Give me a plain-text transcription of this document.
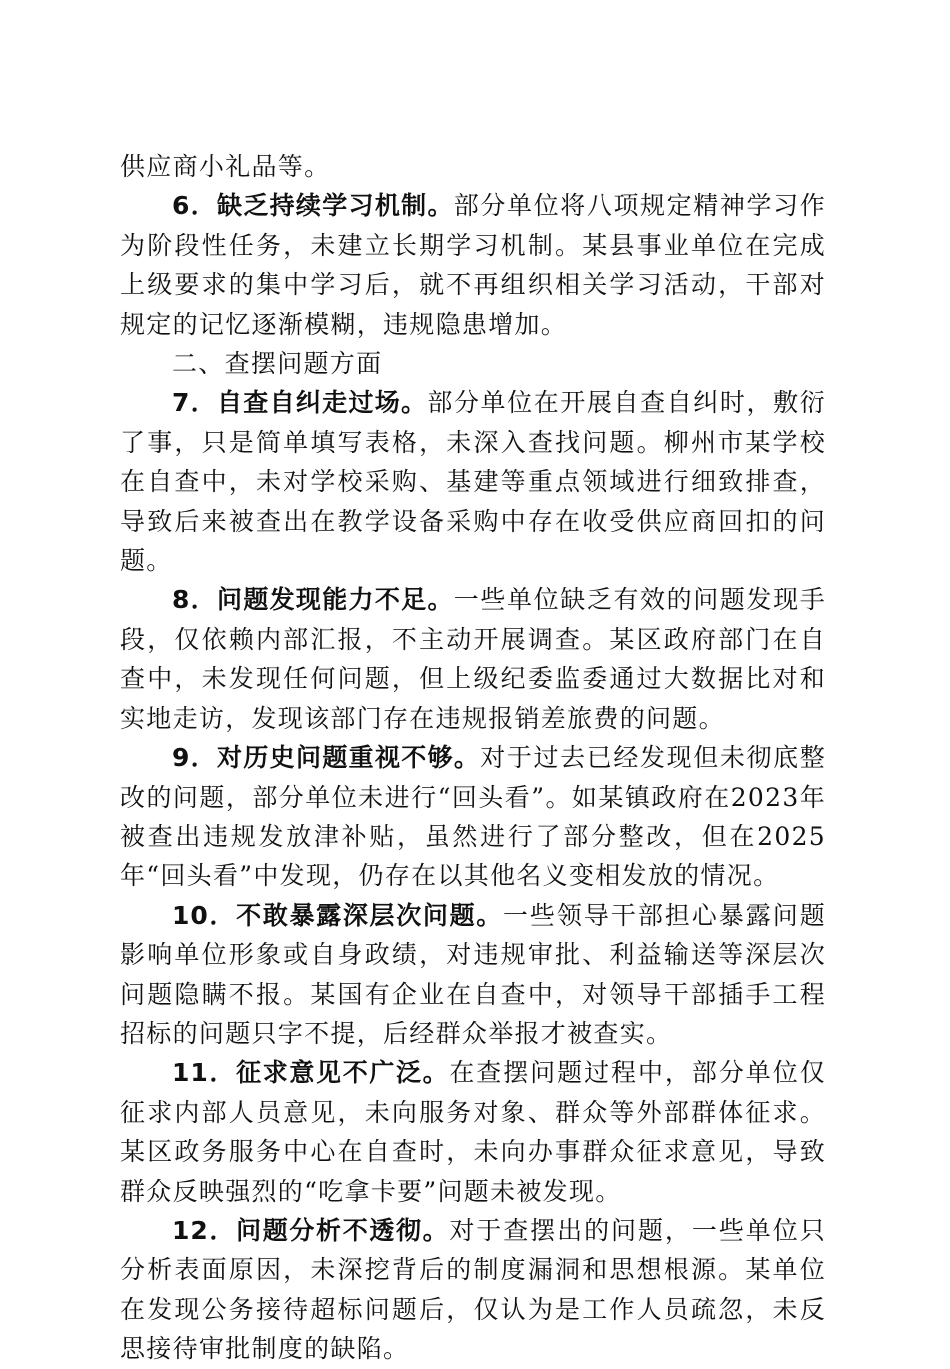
供应商小礼品等。

6．缺乏持续学习机制。部分单位将八项规定精神学习作为阶段性任务，未建立长期学习机制。某县事业单位在完成上级要求的集中学习后，就不再组织相关学习活动，干部对规定的记忆逐渐模糊，违规隐患增加。

二、查摆问题方面

7．自查自纠走过场。部分单位在开展自查自纠时，敷衍了事，只是简单填写表格，未深入查找问题。柳州市某学校在自查中，未对学校采购、基建等重点领域进行细致排查，导致后来被查出在教学设备采购中存在收受供应商回扣的问题。

8．问题发现能力不足。一些单位缺乏有效的问题发现手段，仅依赖内部汇报，不主动开展调查。某区政府部门在自查中，未发现任何问题，但上级纪委监委通过大数据比对和实地走访，发现该部门存在违规报销差旅费的问题。

9．对历史问题重视不够。对于过去已经发现但未彻底整改的问题，部分单位未进行“回头看”。如某镇政府在2023年被查出违规发放津补贴，虽然进行了部分整改，但在2025年“回头看”中发现，仍存在以其他名义变相发放的情况。

10．不敢暴露深层次问题。一些领导干部担心暴露问题影响单位形象或自身政绩，对违规审批、利益输送等深层次问题隐瞒不报。某国有企业在自查中，对领导干部插手工程招标的问题只字不提，后经群众举报才被查实。

11．征求意见不广泛。在查摆问题过程中，部分单位仅征求内部人员意见，未向服务对象、群众等外部群体征求。某区政务服务中心在自查时，未向办事群众征求意见，导致群众反映强烈的“吃拿卡要”问题未被发现。

12．问题分析不透彻。对于查摆出的问题，一些单位只分析表面原因，未深挖背后的制度漏洞和思想根源。某单位在发现公务接待超标问题后，仅认为是工作人员疏忽，未反思接待审批制度的缺陷。
